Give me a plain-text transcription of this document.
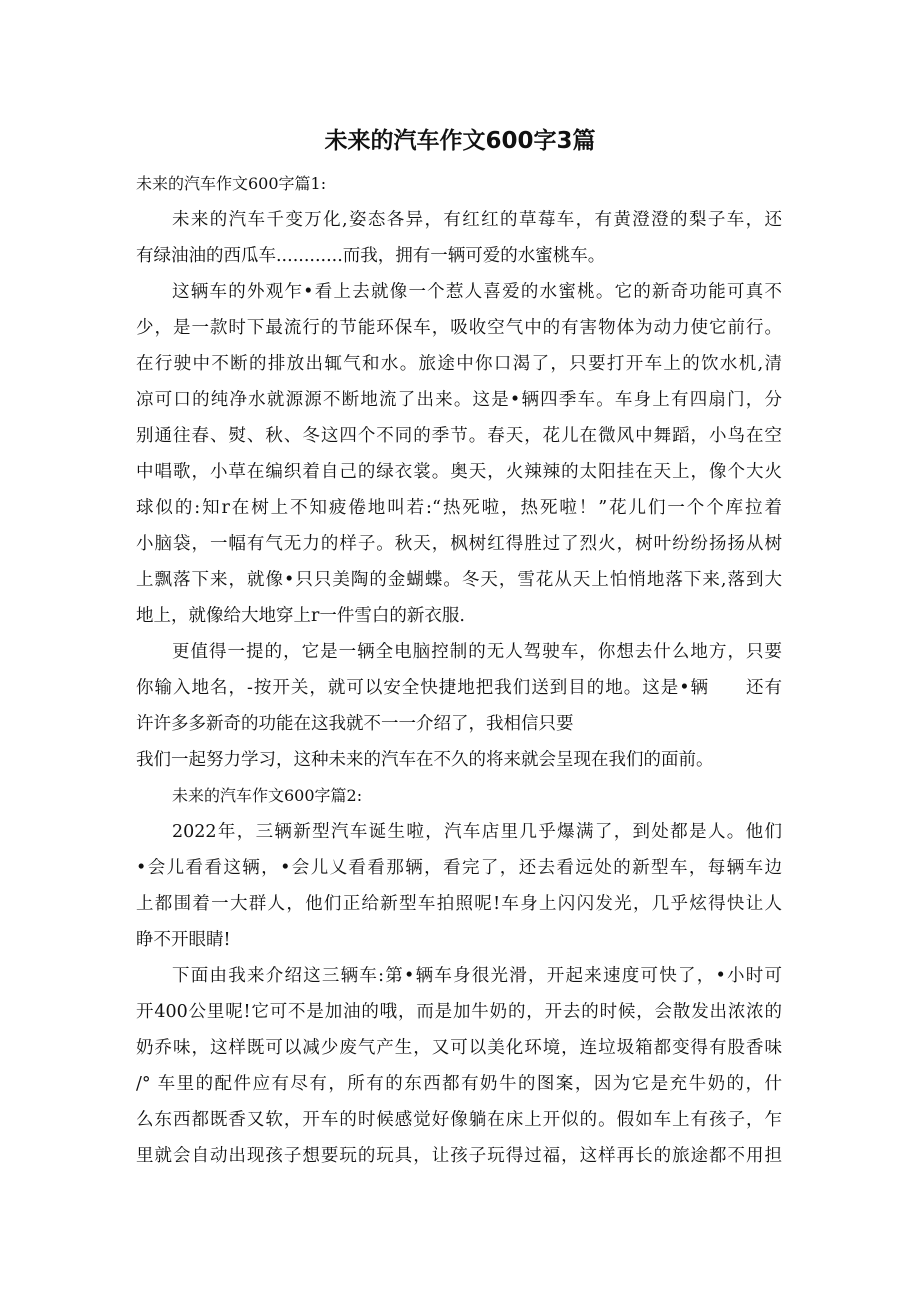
未来的汽车作文600字3篇
未来的汽车作文600字篇1:
未来的汽车千变万化,姿态各异，有红红的草莓车，有黄澄澄的梨子车，还
有绿油油的西瓜车............而我，拥有一辆可爱的水蜜桃车。
这辆车的外观乍•看上去就像一个惹人喜爱的水蜜桃。它的新奇功能可真不
少，是一款时下最流行的节能环保车，吸收空气中的有害物体为动力使它前行。
在行驶中不断的排放出辄气和水。旅途中你口渴了，只要打开车上的饮水机,清
凉可口的纯净水就源源不断地流了出来。这是•辆四季车。车身上有四扇门，分
别通往春、熨、秋、冬这四个不同的季节。春天，花儿在微风中舞蹈，小鸟在空
中唱歌，小草在编织着自己的绿衣裳。奥天，火辣辣的太阳挂在天上，像个大火
球似的:知r在树上不知疲倦地叫若:“热死啦，热死啦！”花儿们一个个库拉着
小脑袋，一幅有气无力的样子。秋天，枫树红得胜过了烈火，树叶纷纷扬扬从树
上飘落下来，就像•只只美陶的金蝴蝶。冬天，雪花从天上怕悄地落下来,落到大
地上，就像给大地穿上r一件雪白的新衣服.
更值得一提的，它是一辆全电脑控制的无人驾驶车，你想去什么地方，只要
你输入地名，-按开关，就可以安全快捷地把我们送到目的地。这是•辆　　还有
许许多多新奇的功能在这我就不一一介绍了，我相信只要
我们一起努力学习，这种未来的汽车在不久的将来就会呈现在我们的面前。
未来的汽车作文600字篇2:
2022年，三辆新型汽车诞生啦，汽车店里几乎爆满了，到处都是人。他们
•会儿看看这辆，•会儿乂看看那辆，看完了，还去看远处的新型车，每辆车边
上都围着一大群人，他们正给新型车拍照呢!车身上闪闪发光，几乎炫得快让人
睁不开眼睛!
下面由我来介绍这三辆车:第•辆车身很光滑，开起来速度可快了，•小时可
开400公里呢!它可不是加油的哦，而是加牛奶的，开去的时候，会散发出浓浓的
奶乔味，这样既可以减少废气产生，又可以美化环境，连垃圾箱都变得有股香味
/° 车里的配件应有尽有，所有的东西都有奶牛的图案，因为它是充牛奶的，什
么东西都既香又软，开车的时候感觉好像躺在床上开似的。假如车上有孩子，乍
里就会自动出现孩子想要玩的玩具，让孩子玩得过福，这样再长的旅途都不用担
